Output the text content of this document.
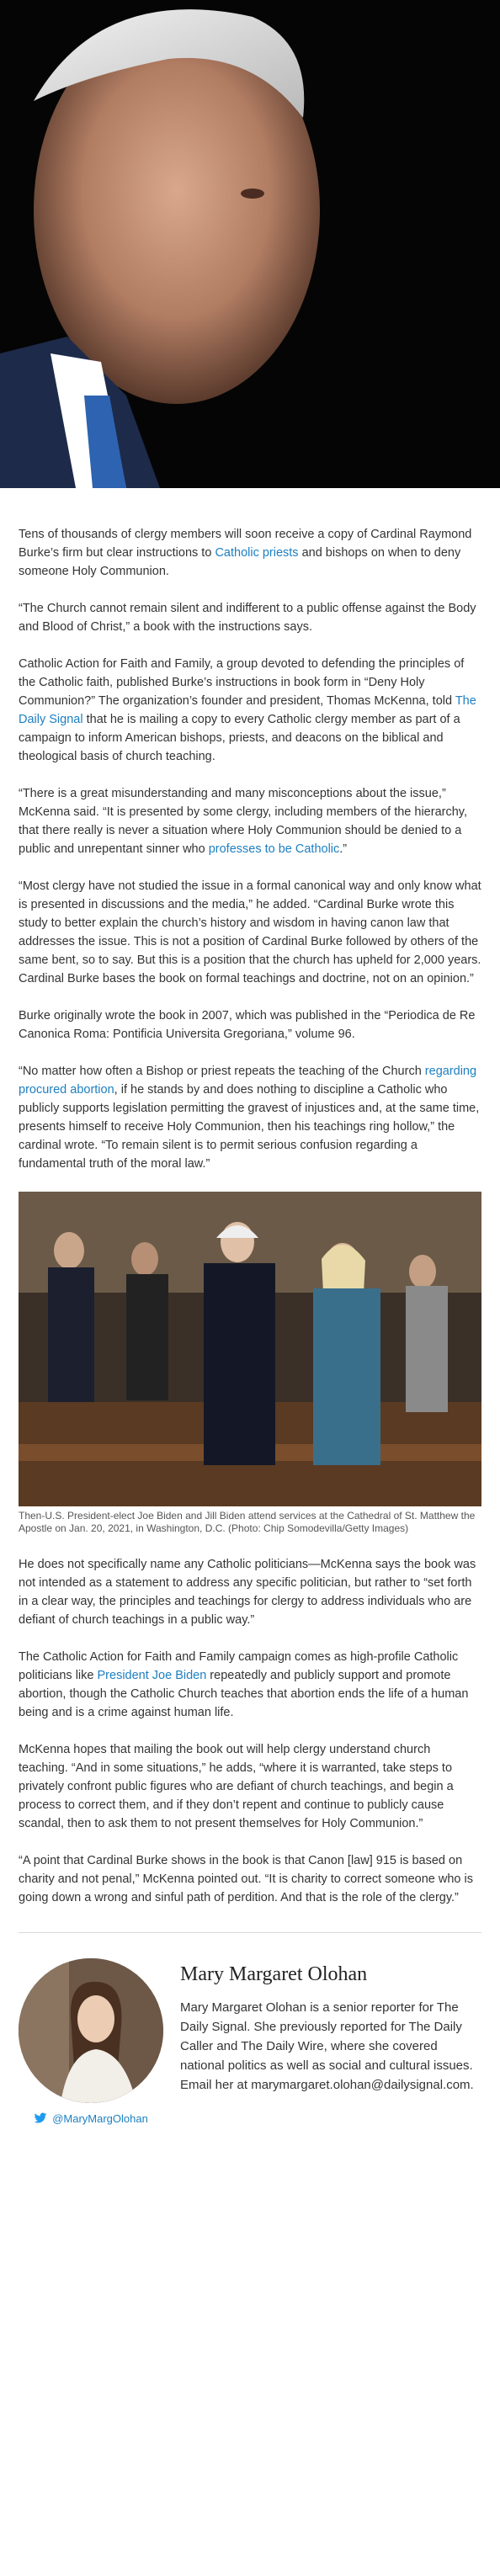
Tens of thousands of clergy members will soon receive a copy of Cardinal Raymond Burke’s firm but clear instructions to Catholic priests and bishops on when to deny someone Holy Communion.

“The Church cannot remain silent and indifferent to a public offense against the Body and Blood of Christ,” a book with the instructions says.

Catholic Action for Faith and Family, a group devoted to defending the principles of the Catholic faith, published Burke’s instructions in book form in “Deny Holy Communion?” The organization’s founder and president, Thomas McKenna, told The Daily Signal that he is mailing a copy to every Catholic clergy member as part of a campaign to inform American bishops, priests, and deacons on the biblical and theological basis of church teaching.

“There is a great misunderstanding and many misconceptions about the issue,” McKenna said. “It is presented by some clergy, including members of the hierarchy, that there really is never a situation where Holy Communion should be denied to a public and unrepentant sinner who professes to be Catholic.”

“Most clergy have not studied the issue in a formal canonical way and only know what is presented in discussions and the media,” he added. “Cardinal Burke wrote this study to better explain the church’s history and wisdom in having canon law that addresses the issue. This is not a position of Cardinal Burke followed by others of the same bent, so to say. But this is a position that the church has upheld for 2,000 years. Cardinal Burke bases the book on formal teachings and doctrine, not on an opinion.”

Burke originally wrote the book in 2007, which was published in the “Periodica de Re Canonica Roma: Pontificia Universita Gregoriana,” volume 96.

“No matter how often a Bishop or priest repeats the teaching of the Church regarding procured abortion, if he stands by and does nothing to discipline a Catholic who publicly supports legislation permitting the gravest of injustices and, at the same time, presents himself to receive Holy Communion, then his teachings ring hollow,” the cardinal wrote. “To remain silent is to permit serious confusion regarding a fundamental truth of the moral law.”

Then-U.S. President-elect Joe Biden and Jill Biden attend services at the Cathedral of St. Matthew the Apostle on Jan. 20, 2021, in Washington, D.C. (Photo: Chip Somodevilla/Getty Images)

He does not specifically name any Catholic politicians—McKenna says the book was not intended as a statement to address any specific politician, but rather to “set forth in a clear way, the principles and teachings for clergy to address individuals who are defiant of church teachings in a public way.”

The Catholic Action for Faith and Family campaign comes as high-profile Catholic politicians like President Joe Biden repeatedly and publicly support and promote abortion, though the Catholic Church teaches that abortion ends the life of a human being and is a crime against human life.

McKenna hopes that mailing the book out will help clergy understand church teaching. “And in some situations,” he adds, “where it is warranted, take steps to privately confront public figures who are defiant of church teachings, and begin a process to correct them, and if they don’t repent and continue to publicly cause scandal, then to ask them to not present themselves for Holy Communion.”

“A point that Cardinal Burke shows in the book is that Canon [law] 915 is based on charity and not penal,” McKenna pointed out. “It is charity to correct someone who is going down a wrong and sinful path of perdition. And that is the role of the clergy.”

@MaryMargOlohan
Mary Margaret Olohan

Mary Margaret Olohan is a senior reporter for The Daily Signal. She previously reported for The Daily Caller and The Daily Wire, where she covered national politics as well as social and cultural issues. Email her at marymargaret.olohan@dailysignal.com.
